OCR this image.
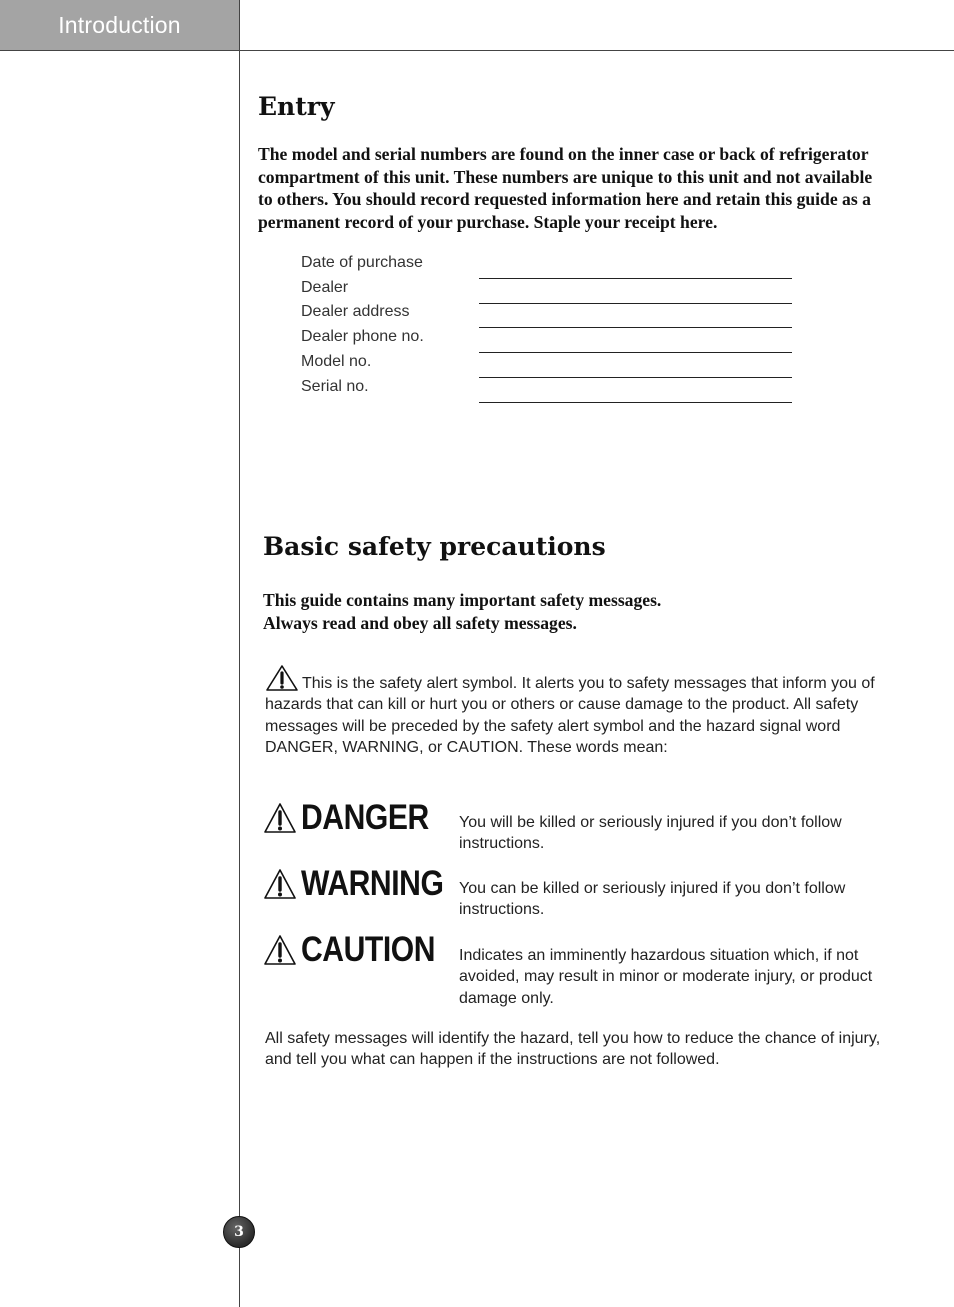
Introduction
Entry

The model and serial numbers are found on the inner case or back of refrigerator compartment of this unit. These numbers are unique to this unit and not available to others. You should record requested information here and retain this guide as a permanent record of your purchase. Staple your receipt here.

Date of purchase
Dealer
Dealer address
Dealer phone no.
Model no.
Serial no.
Basic safety precautions

This guide contains many important safety messages.
Always read and obey all safety messages.

This is the safety alert symbol. It alerts you to safety messages that inform you of hazards that can kill or hurt you or others or cause damage to the product. All safety messages will be preceded by the safety alert symbol and the hazard signal word DANGER, WARNING, or CAUTION. These words mean:

DANGER You will be killed or seriously injured if you don’t follow instructions.
WARNING You can be killed or seriously injured if you don’t follow instructions.
CAUTION Indicates an imminently hazardous situation which, if not avoided, may result in minor or moderate injury, or product damage only.

All safety messages will identify the hazard, tell you how to reduce the chance of injury, and tell you what can happen if the instructions are not followed.

3
